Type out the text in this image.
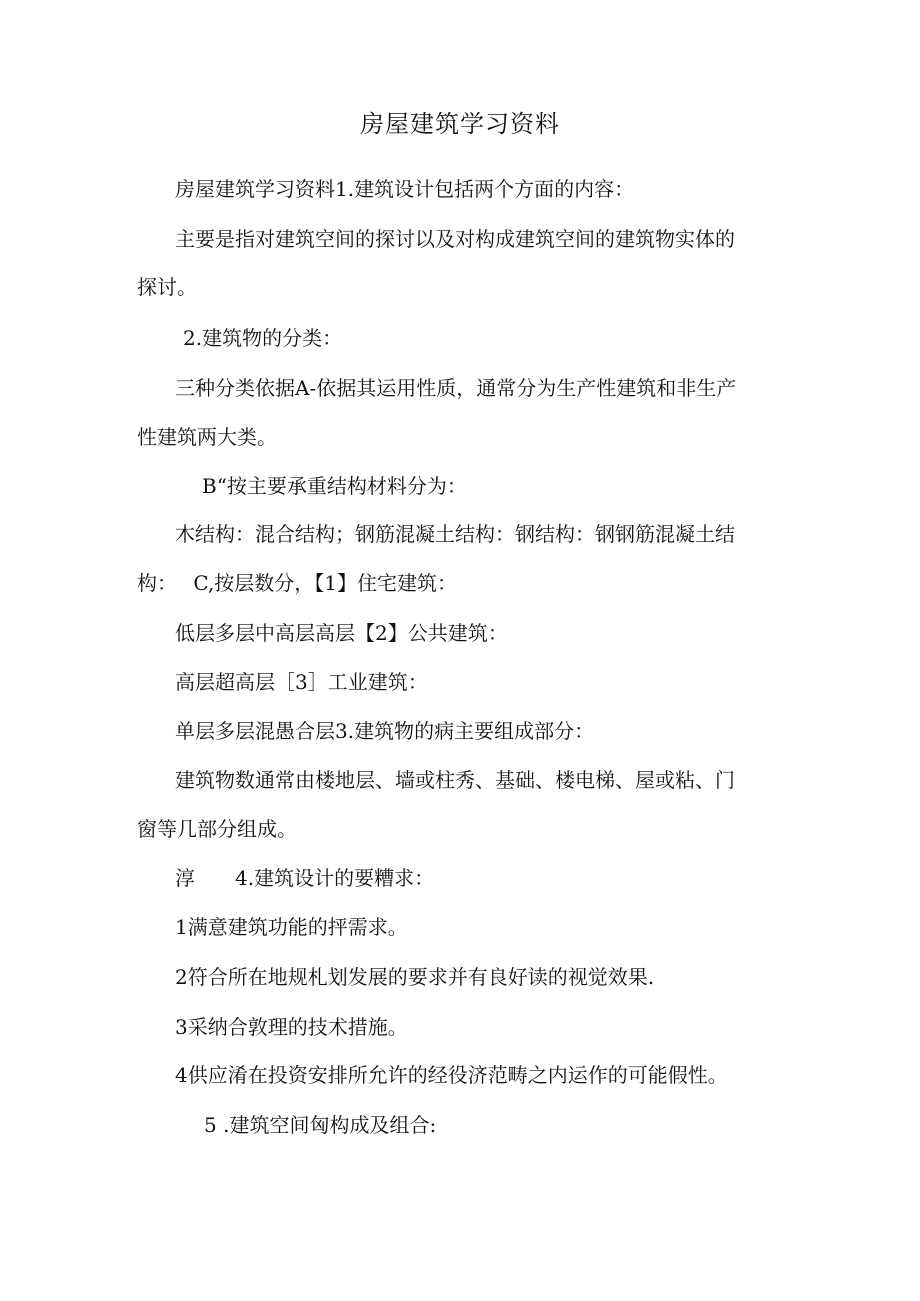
房屋建筑学习资料
房屋建筑学习资料1.建筑设计包括两个方面的内容：
主要是指对建筑空间的探讨以及对构成建筑空间的建筑物实体的
探讨。
2.建筑物的分类：
三种分类依据A-依据其运用性质，通常分为生产性建筑和非生产
性建筑两大类。
B“按主要承重结构材料分为：
木结构：混合结构；钢筋混凝土结构：钢结构：钢钢筋混凝土结
构：　 C,按层数分，【1】住宅建筑：
低层多层中高层高层【2】公共建筑：
高层超高层［3］工业建筑：
单层多层混愚合层3.建筑物的病主要组成部分：
建筑物数通常由楼地层、墙或柱秀、基础、楼电梯、屋或粘、门
窗等几部分组成。
淳　　4.建筑设计的要糟求：
1满意建筑功能的抨需求。
2符合所在地规札划发展的要求并有良好读的视觉效果.
3采纳合敦理的技术措施。
4供应淆在投资安排所允许的经役济范畴之内运作的可能假性。
5 .建筑空间匈构成及组合:
